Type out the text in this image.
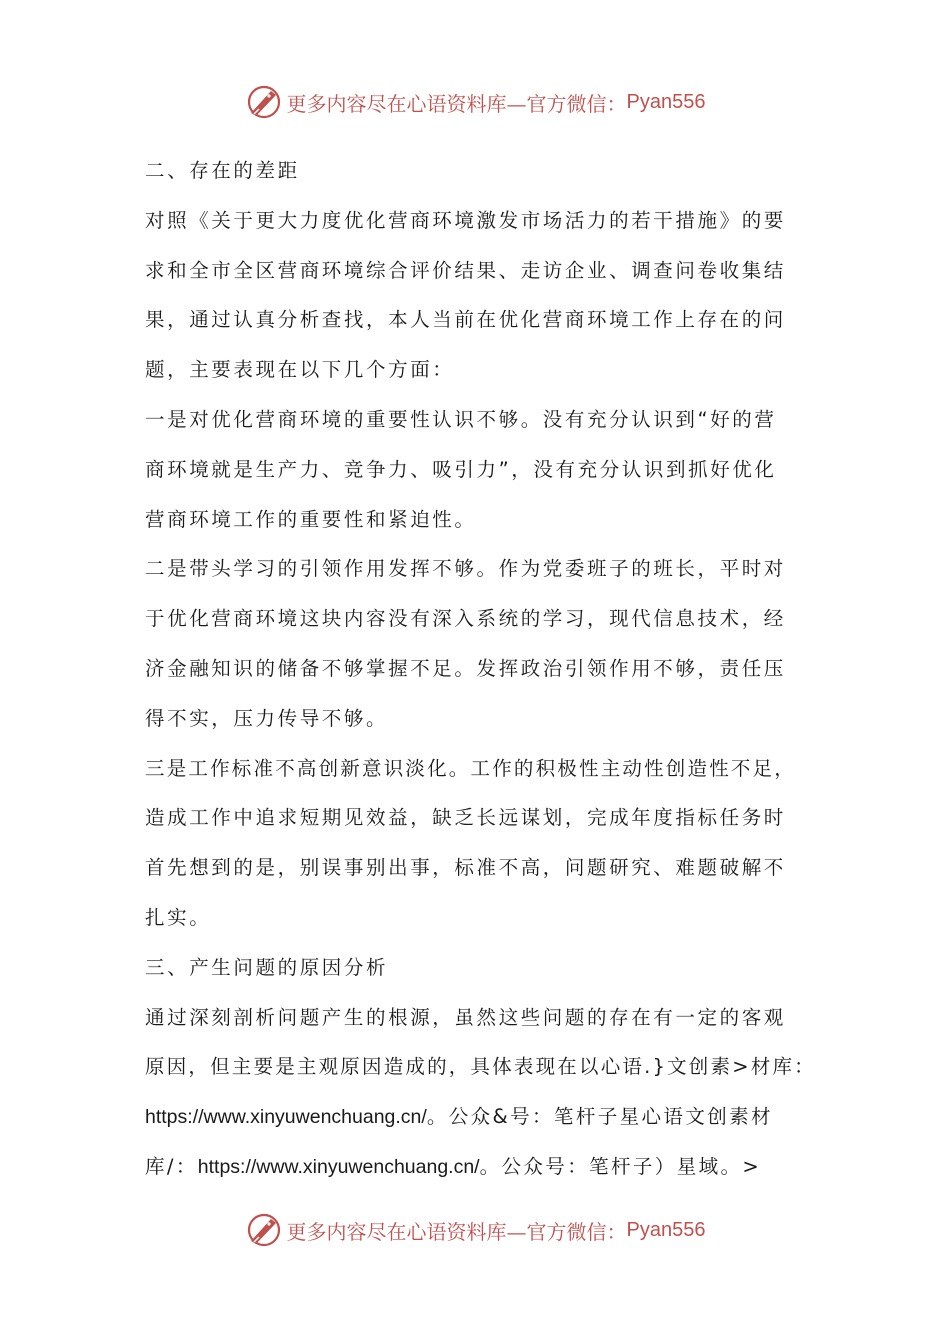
更多内容尽在心语资料库—官方微信： Pyan556
二、存在的差距
对照《关于更大力度优化营商环境激发市场活力的若干措施》的要
求和全市全区营商环境综合评价结果、走访企业、调查问卷收集结
果，通过认真分析查找，本人当前在优化营商环境工作上存在的问
题，主要表现在以下几个方面：
一是对优化营商环境的重要性认识不够。没有充分认识到“好的营
商环境就是生产力、竞争力、吸引力”，没有充分认识到抓好优化
营商环境工作的重要性和紧迫性。
二是带头学习的引领作用发挥不够。作为党委班子的班长，平时对
于优化营商环境这块内容没有深入系统的学习，现代信息技术，经
济金融知识的储备不够掌握不足。发挥政治引领作用不够，责任压
得不实，压力传导不够。
三是工作标准不高创新意识淡化。工作的积极性主动性创造性不足，
造成工作中追求短期见效益，缺乏长远谋划，完成年度指标任务时
首先想到的是，别误事别出事，标准不高，问题研究、难题破解不
扎实。
三、产生问题的原因分析
通过深刻剖析问题产生的根源，虽然这些问题的存在有一定的客观
原因，但主要是主观原因造成的，具体表现在以心语.}文创素>材库：
https://www.xinyuwenchuang.cn/。公众&号：笔杆子星心语文创素材
库/：https://www.xinyuwenchuang.cn/。公众号：笔杆子）星域。>
更多内容尽在心语资料库—官方微信： Pyan556
